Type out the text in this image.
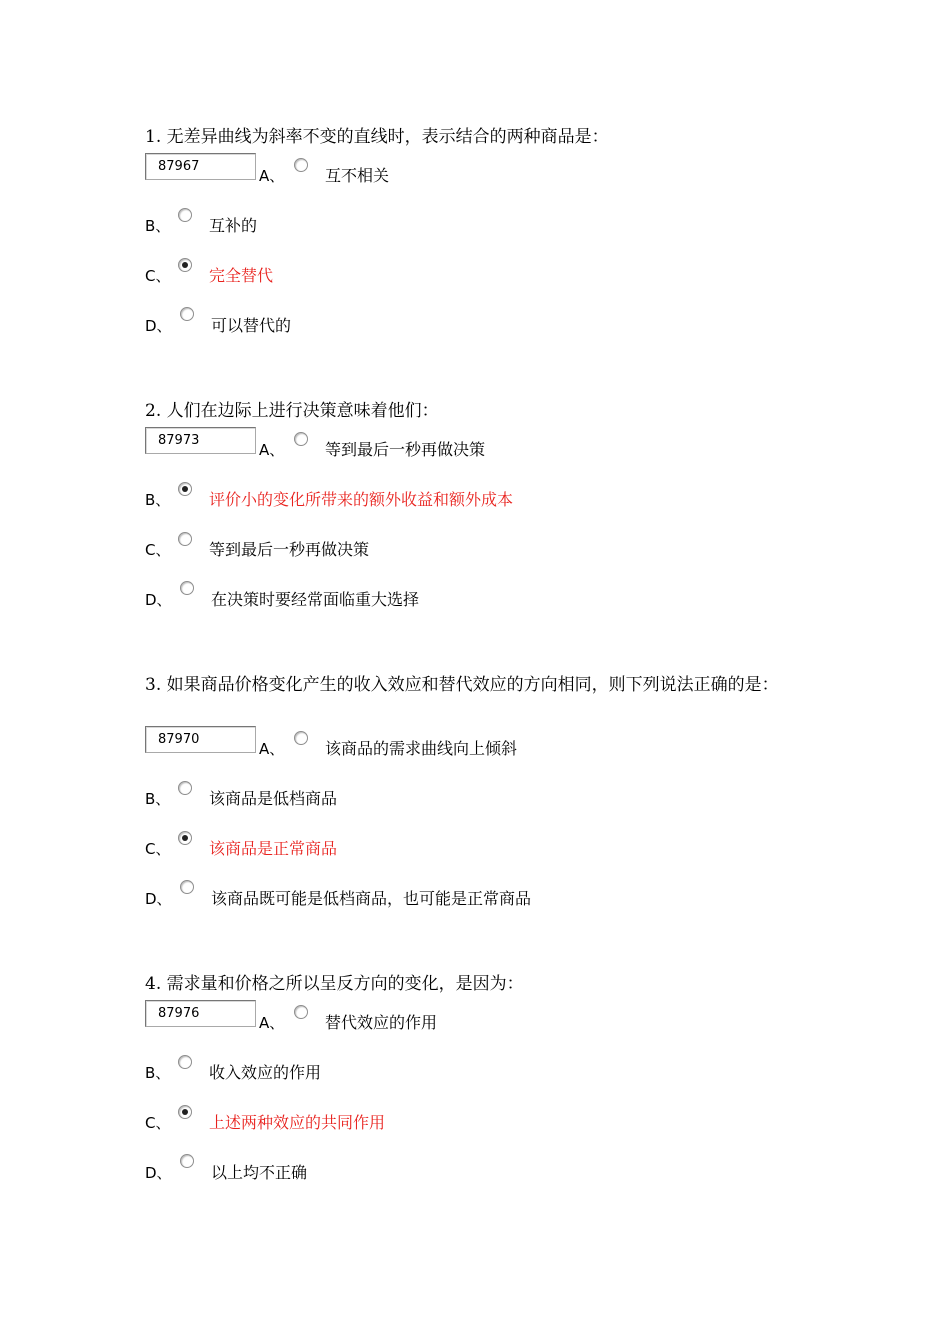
1. 无差异曲线为斜率不变的直线时，表示结合的两种商品是：

87967
A、	互不相关
B、 互补的
C、 完全替代
D、 可以替代的

2. 人们在边际上进行决策意味着他们：

87973
A、	等到最后一秒再做决策
B、 评价小的变化所带来的额外收益和额外成本
C、 等到最后一秒再做决策
D、 在决策时要经常面临重大选择

3. 如果商品价格变化产生的收入效应和替代效应的方向相同，则下列说法正确的是：

87970
A、	该商品的需求曲线向上倾斜
B、 该商品是低档商品
C、 该商品是正常商品
D、 该商品既可能是低档商品，也可能是正常商品

4. 需求量和价格之所以呈反方向的变化，是因为：

87976
A、	替代效应的作用
B、 收入效应的作用
C、 上述两种效应的共同作用
D、 以上均不正确
